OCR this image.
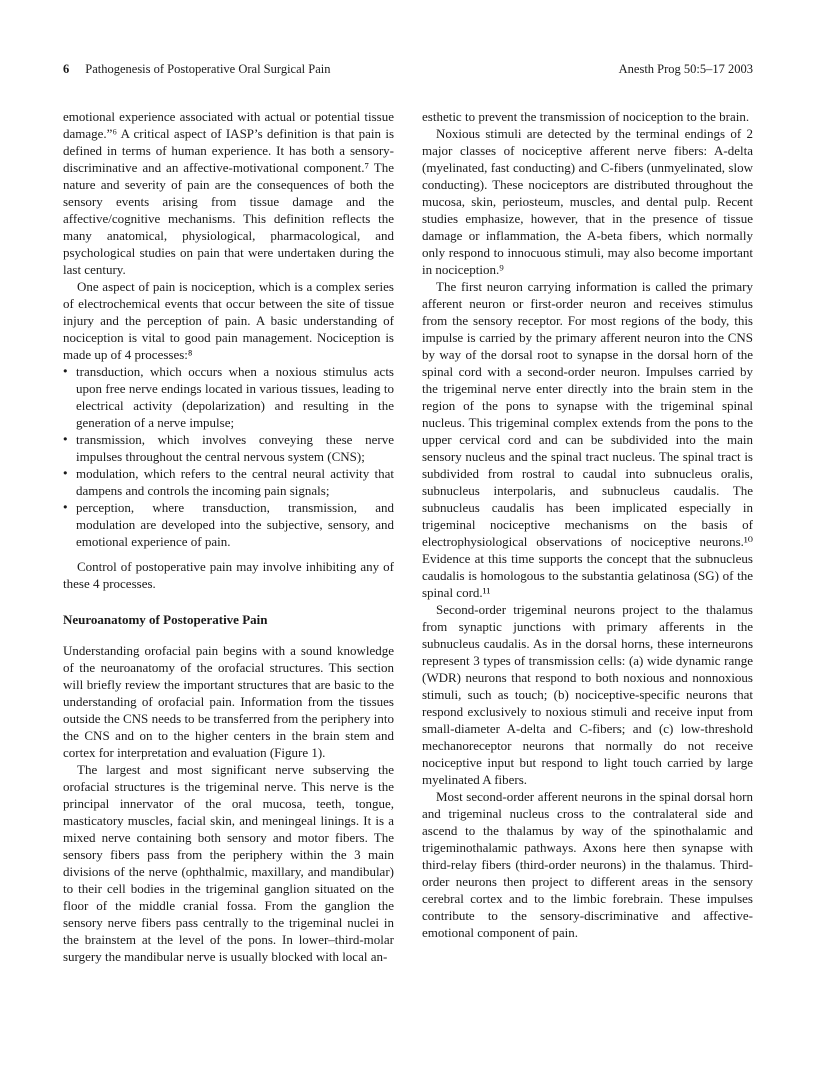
6 Pathogenesis of Postoperative Oral Surgical Pain	Anesth Prog 50:5–17 2003

emotional experience associated with actual or potential tissue damage.”⁶ A critical aspect of IASP’s definition is that pain is defined in terms of human experience. It has both a sensory-discriminative and an affective-motivational component.⁷ The nature and severity of pain are the consequences of both the sensory events arising from tissue damage and the affective/cognitive mechanisms. This definition reflects the many anatomical, physiological, pharmacological, and psychological studies on pain that were undertaken during the last century.

One aspect of pain is nociception, which is a complex series of electrochemical events that occur between the site of tissue injury and the perception of pain. A basic understanding of nociception is vital to good pain management. Nociception is made up of 4 processes:⁸

● transduction, which occurs when a noxious stimulus acts upon free nerve endings located in various tissues, leading to electrical activity (depolarization) and resulting in the generation of a nerve impulse;
● transmission, which involves conveying these nerve impulses throughout the central nervous system (CNS);
● modulation, which refers to the central neural activity that dampens and controls the incoming pain signals;
● perception, where transduction, transmission, and modulation are developed into the subjective, sensory, and emotional experience of pain.

Control of postoperative pain may involve inhibiting any of these 4 processes.

Neuroanatomy of Postoperative Pain

Understanding orofacial pain begins with a sound knowledge of the neuroanatomy of the orofacial structures. This section will briefly review the important structures that are basic to the understanding of orofacial pain. Information from the tissues outside the CNS needs to be transferred from the periphery into the CNS and on to the higher centers in the brain stem and cortex for interpretation and evaluation (Figure 1).

The largest and most significant nerve subserving the orofacial structures is the trigeminal nerve. This nerve is the principal innervator of the oral mucosa, teeth, tongue, masticatory muscles, facial skin, and meningeal linings. It is a mixed nerve containing both sensory and motor fibers. The sensory fibers pass from the periphery within the 3 main divisions of the nerve (ophthalmic, maxillary, and mandibular) to their cell bodies in the trigeminal ganglion situated on the floor of the middle cranial fossa. From the ganglion the sensory nerve fibers pass centrally to the trigeminal nuclei in the brainstem at the level of the pons. In lower–third-molar surgery the mandibular nerve is usually blocked with local an-

esthetic to prevent the transmission of nociception to the brain.

Noxious stimuli are detected by the terminal endings of 2 major classes of nociceptive afferent nerve fibers: A-delta (myelinated, fast conducting) and C-fibers (unmyelinated, slow conducting). These nociceptors are distributed throughout the mucosa, skin, periosteum, muscles, and dental pulp. Recent studies emphasize, however, that in the presence of tissue damage or inflammation, the A-beta fibers, which normally only respond to innocuous stimuli, may also become important in nociception.⁹

The first neuron carrying information is called the primary afferent neuron or first-order neuron and receives stimulus from the sensory receptor. For most regions of the body, this impulse is carried by the primary afferent neuron into the CNS by way of the dorsal root to synapse in the dorsal horn of the spinal cord with a second-order neuron. Impulses carried by the trigeminal nerve enter directly into the brain stem in the region of the pons to synapse with the trigeminal spinal nucleus. This trigeminal complex extends from the pons to the upper cervical cord and can be subdivided into the main sensory nucleus and the spinal tract nucleus. The spinal tract is subdivided from rostral to caudal into subnucleus oralis, subnucleus interpolaris, and subnucleus caudalis. The subnucleus caudalis has been implicated especially in trigeminal nociceptive mechanisms on the basis of electrophysiological observations of nociceptive neurons.¹⁰ Evidence at this time supports the concept that the subnucleus caudalis is homologous to the substantia gelatinosa (SG) of the spinal cord.¹¹

Second-order trigeminal neurons project to the thalamus from synaptic junctions with primary afferents in the subnucleus caudalis. As in the dorsal horns, these interneurons represent 3 types of transmission cells: (a) wide dynamic range (WDR) neurons that respond to both noxious and nonnoxious stimuli, such as touch; (b) nociceptive-specific neurons that respond exclusively to noxious stimuli and receive input from small-diameter A-delta and C-fibers; and (c) low-threshold mechanoreceptor neurons that normally do not receive nociceptive input but respond to light touch carried by large myelinated A fibers.

Most second-order afferent neurons in the spinal dorsal horn and trigeminal nucleus cross to the contralateral side and ascend to the thalamus by way of the spinothalamic and trigeminothalamic pathways. Axons here then synapse with third-relay fibers (third-order neurons) in the thalamus. Third-order neurons then project to different areas in the sensory cerebral cortex and to the limbic forebrain. These impulses contribute to the sensory-discriminative and affective-emotional component of pain.
